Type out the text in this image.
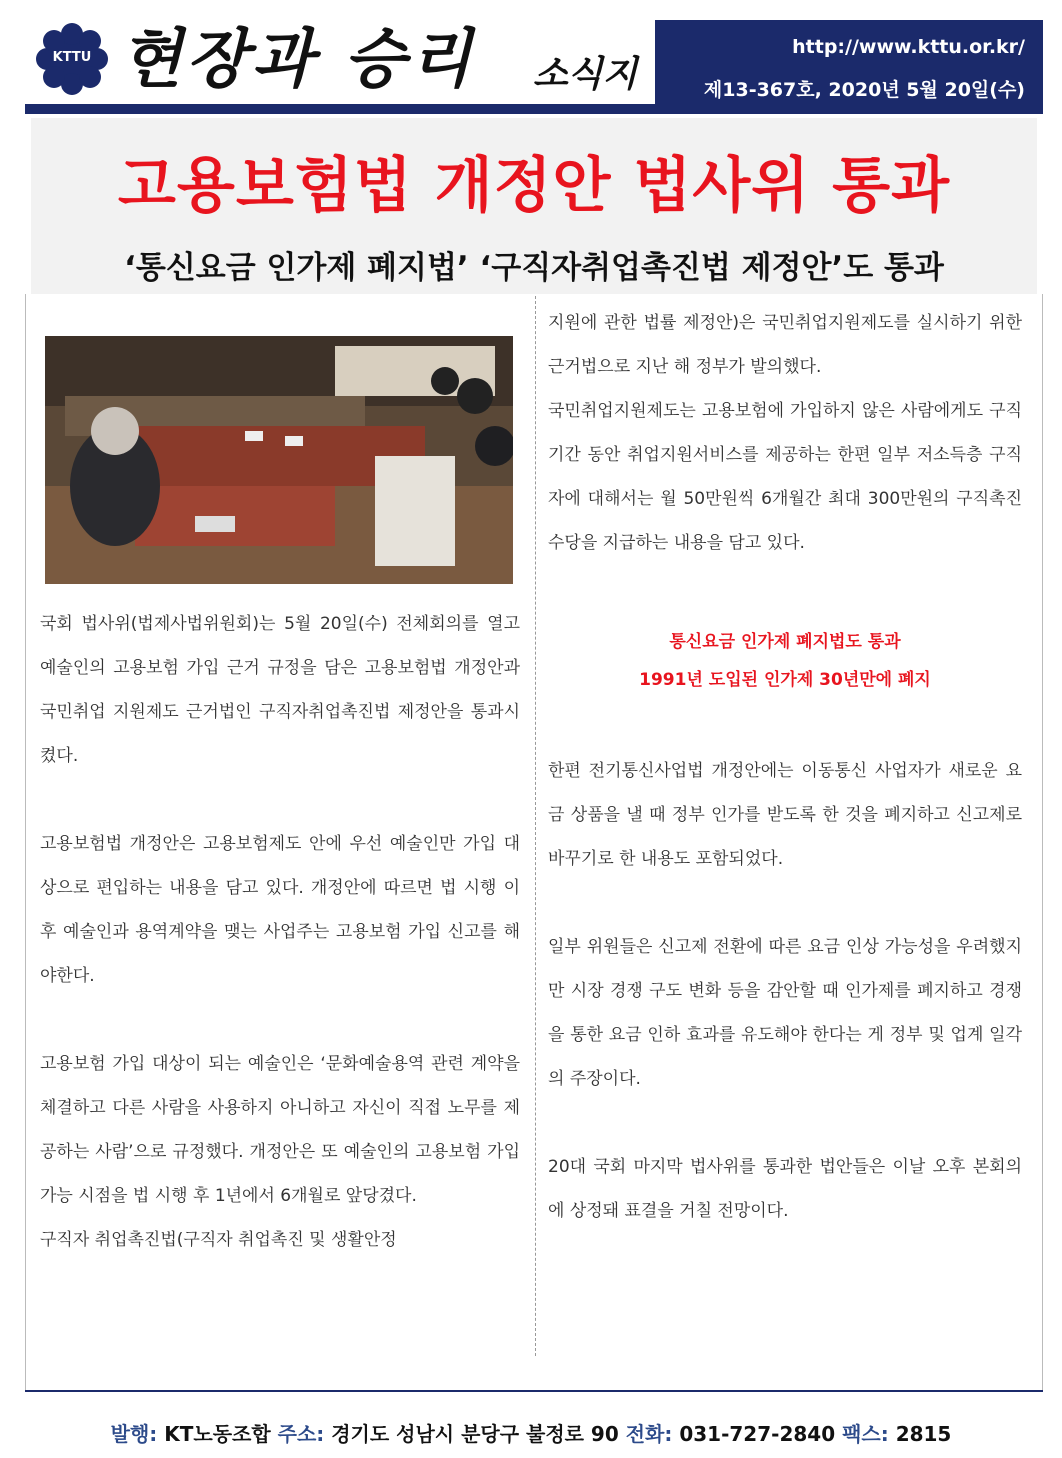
KTTU 현장과 승리 소식지
http://www.kttu.or.kr/
제13-367호, 2020년 5월 20일(수)
고용보험법 개정안 법사위 통과
‘통신요금 인가제 폐지법’ ‘구직자취업촉진법 제정안’도 통과

국회 법사위(법제사법위원회)는 5월 20일(수) 전체회의를 열고 예술인의 고용보험 가입 근거 규정을 담은 고용보험법 개정안과 국민취업 지원제도 근거법인 구직자취업촉진법 제정안을 통과시켰다.

고용보험법 개정안은 고용보험제도 안에 우선 예술인만 가입 대상으로 편입하는 내용을 담고 있다. 개정안에 따르면 법 시행 이후 예술인과 용역계약을 맺는 사업주는 고용보험 가입 신고를 해야한다.

고용보험 가입 대상이 되는 예술인은 ‘문화예술용역 관련 계약을 체결하고 다른 사람을 사용하지 아니하고 자신이 직접 노무를 제공하는 사람’으로 규정했다. 개정안은 또 예술인의 고용보험 가입 가능 시점을 법 시행 후 1년에서 6개월로 앞당겼다.

구직자 취업촉진법(구직자 취업촉진 및 생활안정

지원에 관한 법률 제정안)은 국민취업지원제도를 실시하기 위한 근거법으로 지난 해 정부가 발의했다.

국민취업지원제도는 고용보험에 가입하지 않은 사람에게도 구직기간 동안 취업지원서비스를 제공하는 한편 일부 저소득층 구직자에 대해서는 월 50만원씩 6개월간 최대 300만원의 구직촉진수당을 지급하는 내용을 담고 있다.

통신요금 인가제 폐지법도 통과

1991년 도입된 인가제 30년만에 폐지

한편 전기통신사업법 개정안에는 이동통신 사업자가 새로운 요금 상품을 낼 때 정부 인가를 받도록 한 것을 폐지하고 신고제로 바꾸기로 한 내용도 포함되었다.

일부 위원들은 신고제 전환에 따른 요금 인상 가능성을 우려했지만 시장 경쟁 구도 변화 등을 감안할 때 인가제를 폐지하고 경쟁을 통한 요금 인하 효과를 유도해야 한다는 게 정부 및 업계 일각의 주장이다.

20대 국회 마지막 법사위를 통과한 법안들은 이날 오후 본회의에 상정돼 표결을 거칠 전망이다.

발행: KT노동조합 주소: 경기도 성남시 분당구 불정로 90 전화: 031-727-2840 팩스: 2815
